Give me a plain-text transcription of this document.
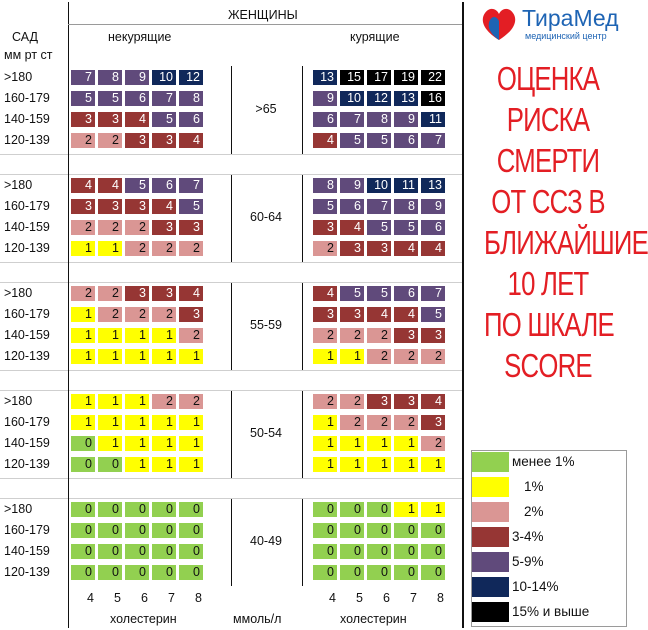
ЖЕНЩИНЫ
САД
мм рт ст
некурящие	курящие
>180	7	8	9	10	12	13	15	17	19	22
160-179	5	5	6	7	8	9	10	12	13	16
140-159	3	3	4	5	6	6	7	8	9	11
120-139	2	2	3	3	4	4	5	5	6	7
>65
>180	4	4	5	6	7	8	9	10	11	13
160-179	3	3	3	4	5	5	6	7	8	9
140-159	2	2	2	3	3	3	4	5	5	6
120-139	1	1	2	2	2	2	3	3	4	4
60-64
>180	2	2	3	3	4	4	5	5	6	7
160-179	1	2	2	2	3	3	3	4	4	5
140-159	1	1	1	1	2	2	2	2	3	3
120-139	1	1	1	1	1	1	1	2	2	2
55-59
>180	1	1	1	2	2	2	2	3	3	4
160-179	1	1	1	1	1	1	2	2	2	3
140-159	0	1	1	1	1	1	1	1	1	2
120-139	0	0	1	1	1	1	1	1	1	1
50-54
>180	0	0	0	0	0	0	0	0	1	1
160-179	0	0	0	0	0	0	0	0	0	0
140-159	0	0	0	0	0	0	0	0	0	0
120-139	0	0	0	0	0	0	0	0	0	0
40-49
4 5 6 7 8	4 5 6 7 8
холестерин	ммоль/л	холестерин
ТираМед
медицинский центр
ОЦЕНКА
РИСКА
СМЕРТИ
ОТ ССЗ В
БЛИЖАЙШИЕ
10 ЛЕТ
ПО ШКАЛЕ
SCORE
менее 1%
1%
2%
3-4%
5-9%
10-14%
15% и выше
